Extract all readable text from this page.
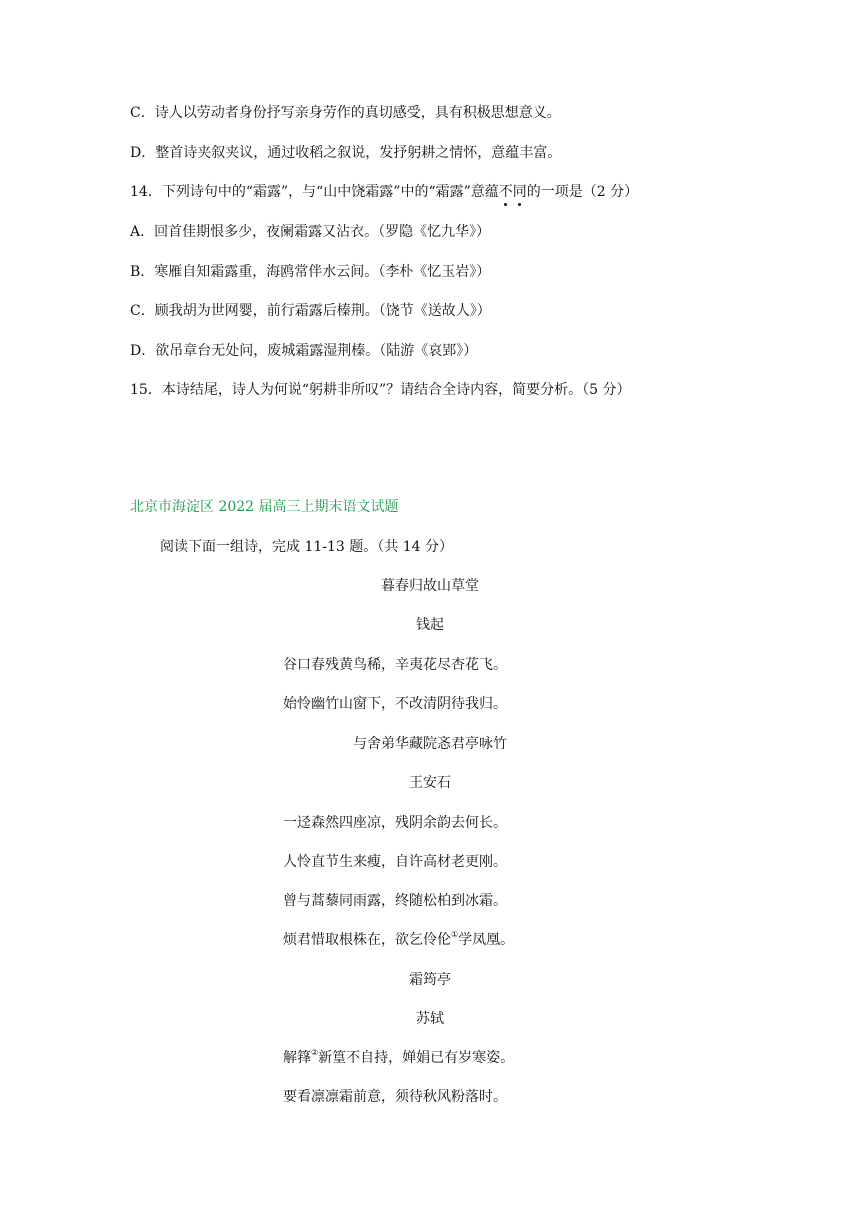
C．诗人以劳动者身份抒写亲身劳作的真切感受，具有积极思想意义。
D．整首诗夹叙夹议，通过收稻之叙说，发抒躬耕之情怀，意蕴丰富。
14．下列诗句中的“霜露”，与“山中饶霜露”中的“霜露”意蕴不同的一项是（2 分）
A．回首佳期恨多少，夜阑霜露又沾衣。（罗隐《忆九华》）
B．寒雁自知霜露重，海鸥常伴水云间。（李朴《忆玉岩》）
C．顾我胡为世网婴，前行霜露后榛荆。（饶节《送故人》）
D．欲吊章台无处问，废城霜露湿荆榛。（陆游《哀郢》）
15．本诗结尾，诗人为何说“躬耕非所叹”？请结合全诗内容，简要分析。（5 分）
北京市海淀区 2022 届高三上期末语文试题
阅读下面一组诗，完成 11-13 题。（共 14 分）
暮春归故山草堂
钱起
谷口春残黄鸟稀，辛夷花尽杏花飞。
始怜幽竹山窗下，不改清阴待我归。
与舍弟华藏院忞君亭咏竹
王安石
一迳森然四座凉，残阴余韵去何长。
人怜直节生来瘦，自许高材老更刚。
曾与蒿藜同雨露，终随松柏到冰霜。
烦君惜取根株在，欲乞伶伦①学凤凰。
霜筠亭
苏轼
解箨②新篁不自持，婵娟已有岁寒姿。
要看凛凛霜前意，须待秋风粉落时。
